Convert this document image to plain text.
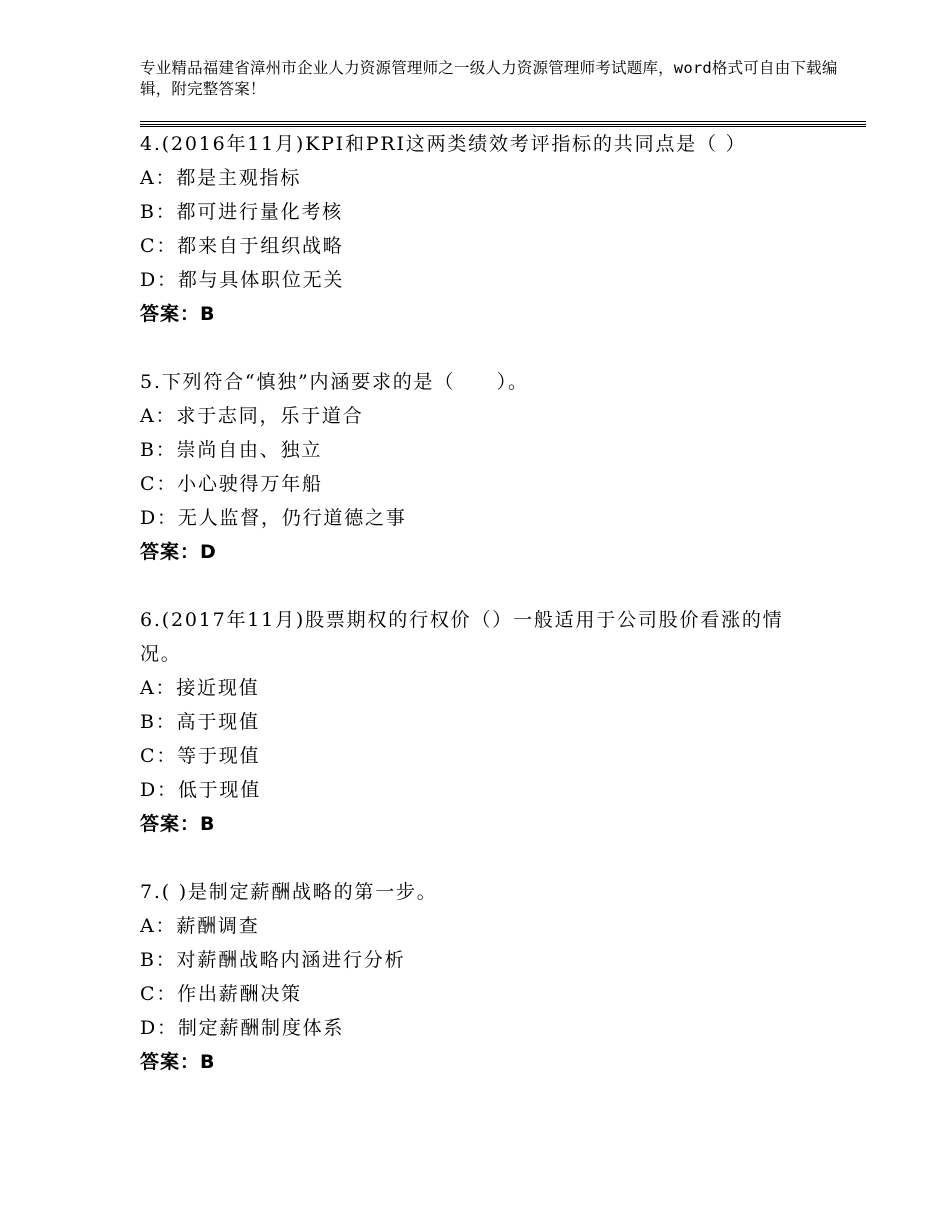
专业精品福建省漳州市企业人力资源管理师之一级人力资源管理师考试题库，word格式可自由下载编辑，附完整答案！
4.(2016年11月)KPI和PRI这两类绩效考评指标的共同点是（ ）
A：都是主观指标
B：都可进行量化考核
C：都来自于组织战略
D：都与具体职位无关
答案：B
5.下列符合“慎独”内涵要求的是（　　）。
A：求于志同，乐于道合
B：崇尚自由、独立
C：小心驶得万年船
D：无人监督，仍行道德之事
答案：D
6.(2017年11月)股票期权的行权价（）一般适用于公司股价看涨的情况。
A：接近现值
B：高于现值
C：等于现值
D：低于现值
答案：B
7.( )是制定薪酬战略的第一步。
A：薪酬调查
B：对薪酬战略内涵进行分析
C：作出薪酬决策
D：制定薪酬制度体系
答案：B
